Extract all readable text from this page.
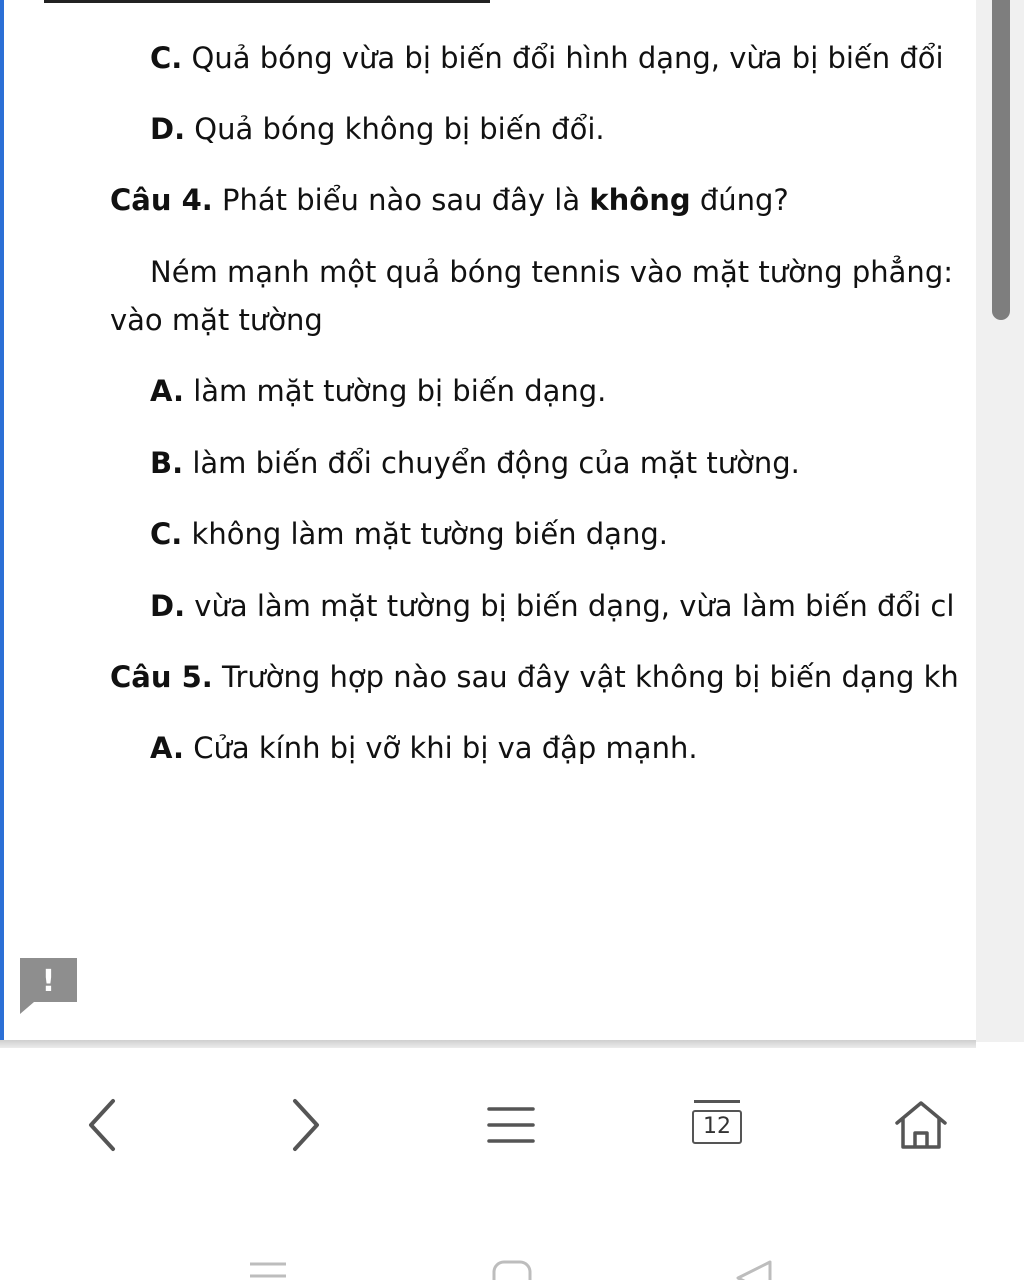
C. Quả bóng vừa bị biến đổi hình dạng, vừa bị biến đổi
D. Quả bóng không bị biến đổi.
Câu 4. Phát biểu nào sau đây là không đúng?
Ném mạnh một quả bóng tennis vào mặt tường phẳng:
vào mặt tường
A. làm mặt tường bị biến dạng.
B. làm biến đổi chuyển động của mặt tường.
C. không làm mặt tường biến dạng.
D. vừa làm mặt tường bị biến dạng, vừa làm biến đổi cl
Câu 5. Trường hợp nào sau đây vật không bị biến dạng kh
A. Cửa kính bị vỡ khi bị va đập mạnh.
!
12
